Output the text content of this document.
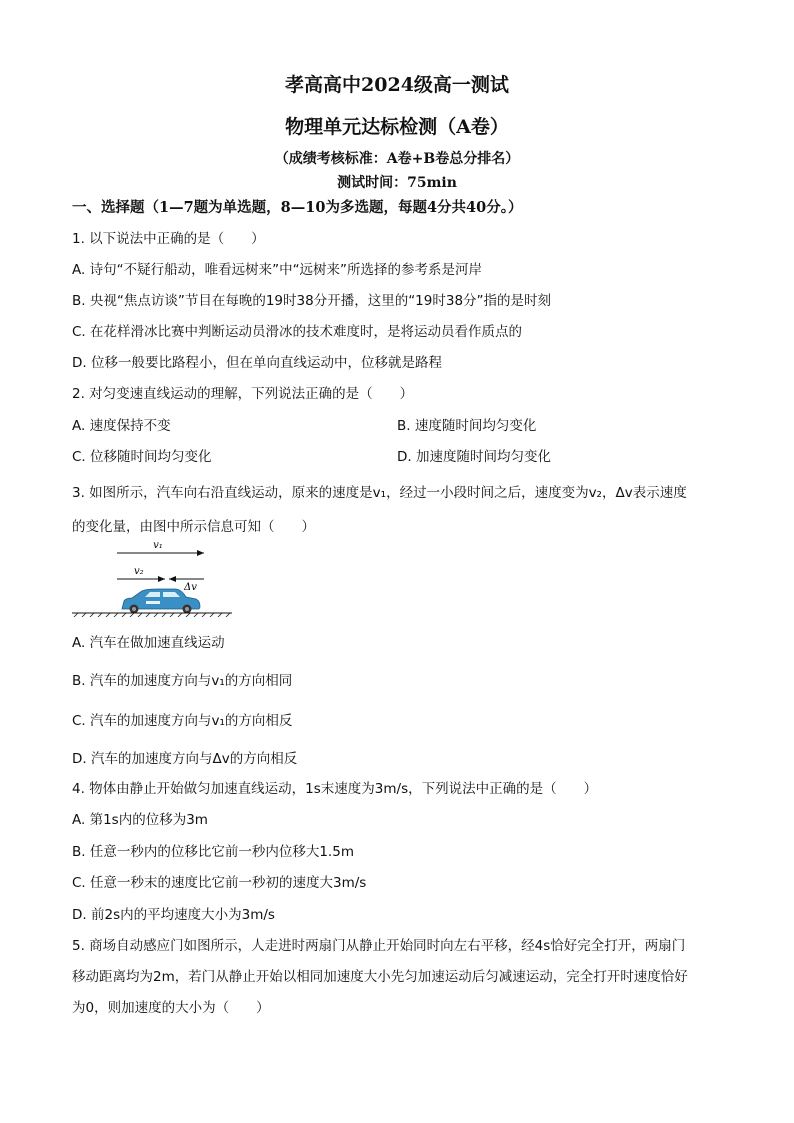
孝高高中2024级高一测试
物理单元达标检测（A卷）
（成绩考核标准：A卷+B卷总分排名）
测试时间：75min
一、选择题（1—7题为单选题，8—10为多选题，每题4分共40分。）
1. 以下说法中正确的是（　　）
A. 诗句“不疑行船动，唯看远树来”中“远树来”所选择的参考系是河岸
B. 央视“焦点访谈”节目在每晚的19时38分开播，这里的“19时38分”指的是时刻
C. 在花样滑冰比赛中判断运动员滑冰的技术难度时，是将运动员看作质点的
D. 位移一般要比路程小，但在单向直线运动中，位移就是路程
2. 对匀变速直线运动的理解，下列说法正确的是（　　）
A. 速度保持不变	B. 速度随时间均匀变化
C. 位移随时间均匀变化	D. 加速度随时间均匀变化
3. 如图所示，汽车向右沿直线运动，原来的速度是v₁，经过一小段时间之后，速度变为v₂，Δv表示速度
的变化量，由图中所示信息可知（　　）
v₁
v₂
Δv
A. 汽车在做加速直线运动
B. 汽车的加速度方向与v₁的方向相同
C. 汽车的加速度方向与v₁的方向相反
D. 汽车的加速度方向与Δv的方向相反
4. 物体由静止开始做匀加速直线运动，1s末速度为3m/s，下列说法中正确的是（　　）
A. 第1s内的位移为3m
B. 任意一秒内的位移比它前一秒内位移大1.5m
C. 任意一秒末的速度比它前一秒初的速度大3m/s
D. 前2s内的平均速度大小为3m/s
5. 商场自动感应门如图所示，人走进时两扇门从静止开始同时向左右平移，经4s恰好完全打开，两扇门
移动距离均为2m，若门从静止开始以相同加速度大小先匀加速运动后匀减速运动，完全打开时速度恰好
为0，则加速度的大小为（　　）
